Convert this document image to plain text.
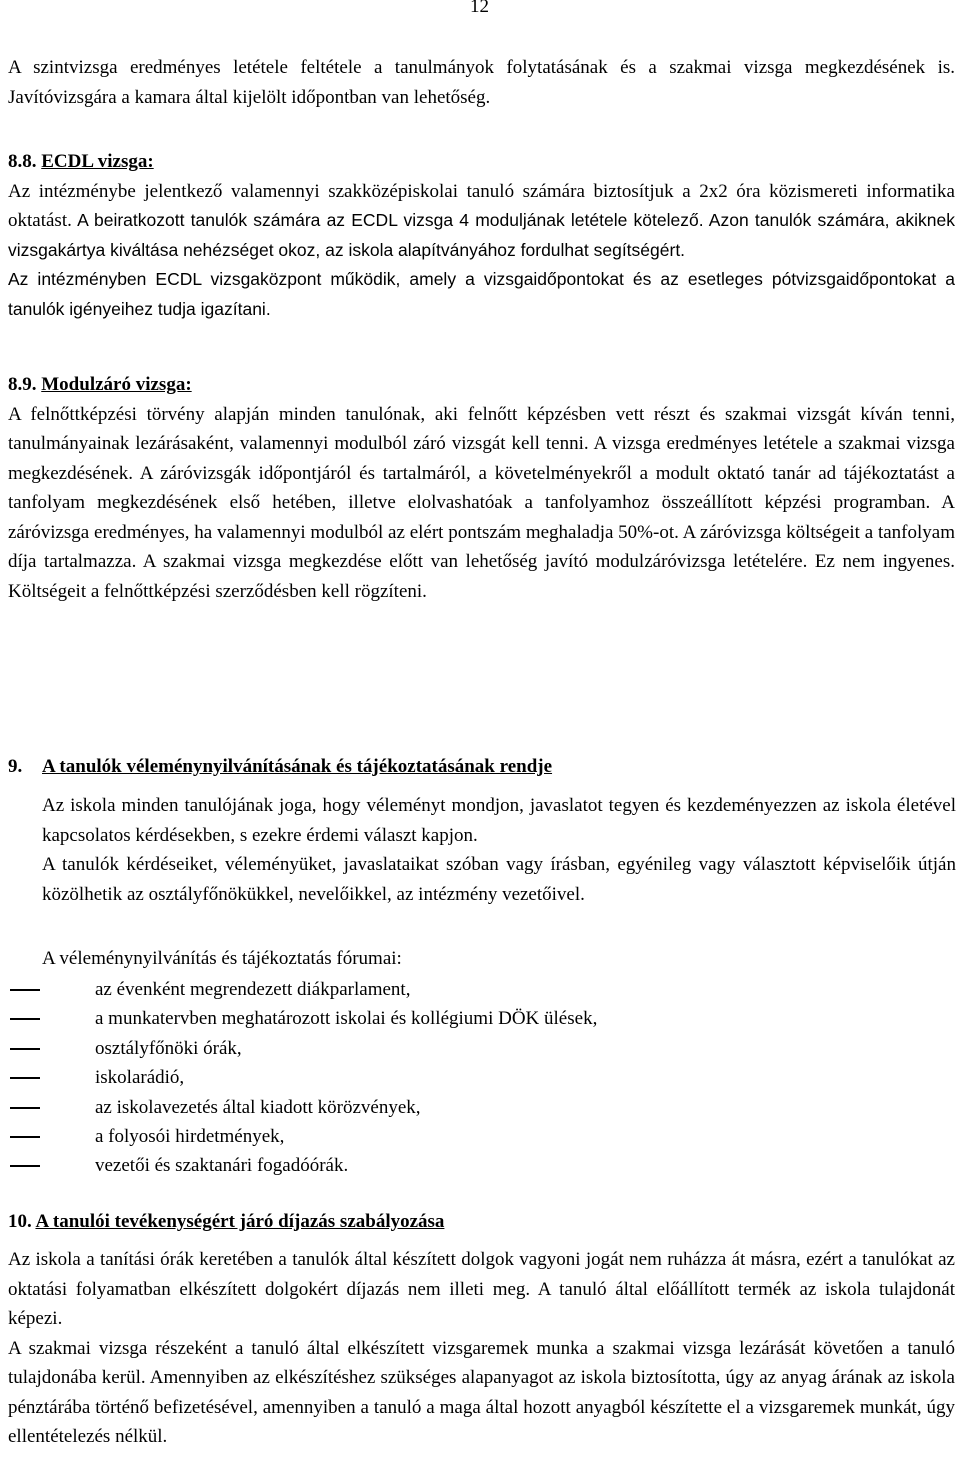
12

A szintvizsga eredményes letétele feltétele a tanulmányok folytatásának és a szakmai vizsga megkezdésének is. Javítóvizsgára a kamara által kijelölt időpontban van lehetőség.

8.8. ECDL vizsga:

Az intézménybe jelentkező valamennyi szakközépiskolai tanuló számára biztosítjuk a 2x2 óra közismereti informatika oktatást. A beiratkozott tanulók számára az ECDL vizsga 4 moduljának letétele kötelező. Azon tanulók számára, akiknek vizsgakártya kiváltása nehézséget okoz, az iskola alapítványához fordulhat segítségért.

Az intézményben ECDL vizsgaközpont működik, amely a vizsgaidőpontokat és az esetleges pótvizsgaidőpontokat a tanulók igényeihez tudja igazítani.

8.9. Modulzáró vizsga:

A felnőttképzési törvény alapján minden tanulónak, aki felnőtt képzésben vett részt és szakmai vizsgát kíván tenni, tanulmányainak lezárásaként, valamennyi modulból záró vizsgát kell tenni. A vizsga eredményes letétele a szakmai vizsga megkezdésének. A záróvizsgák időpontjáról és tartalmáról, a követelményekről a modult oktató tanár ad tájékoztatást a tanfolyam megkezdésének első hetében, illetve elolvashatóak a tanfolyamhoz összeállított képzési programban. A záróvizsga eredményes, ha valamennyi modulból az elért pontszám meghaladja 50%-ot. A záróvizsga költségeit a tanfolyam díja tartalmazza. A szakmai vizsga megkezdése előtt van lehetőség javító modulzáróvizsga letételére. Ez nem ingyenes. Költségeit a felnőttképzési szerződésben kell rögzíteni.

9. A tanulók véleménynyilvánításának és tájékoztatásának rendje

Az iskola minden tanulójának joga, hogy véleményt mondjon, javaslatot tegyen és kezdeményezzen az iskola életével kapcsolatos kérdésekben, s ezekre érdemi választ kapjon.

A tanulók kérdéseiket, véleményüket, javaslataikat szóban vagy írásban, egyénileg vagy választott képviselőik útján közölhetik az osztályfőnökükkel, nevelőikkel, az intézmény vezetőivel.

A véleménynyilvánítás és tájékoztatás fórumai:
az évenként megrendezett diákparlament,
a munkatervben meghatározott iskolai és kollégiumi DÖK ülések,
osztályfőnöki órák,
iskolarádió,
az iskolavezetés által kiadott körözvények,
a folyosói hirdetmények,
vezetői és szaktanári fogadóórák.
10. A tanulói tevékenységért járó díjazás szabályozása

Az iskola a tanítási órák keretében a tanulók által készített dolgok vagyoni jogát nem ruházza át másra, ezért a tanulókat az oktatási folyamatban elkészített dolgokért díjazás nem illeti meg. A tanuló által előállított termék az iskola tulajdonát képezi.

A szakmai vizsga részeként a tanuló által elkészített vizsgaremek munka a szakmai vizsga lezárását követően a tanuló tulajdonába kerül. Amennyiben az elkészítéshez szükséges alapanyagot az iskola biztosította, úgy az anyag árának az iskola pénztárába történő befizetésével, amennyiben a tanuló a maga által hozott anyagból készítette el a vizsgaremek munkát, úgy ellentételezés nélkül.
